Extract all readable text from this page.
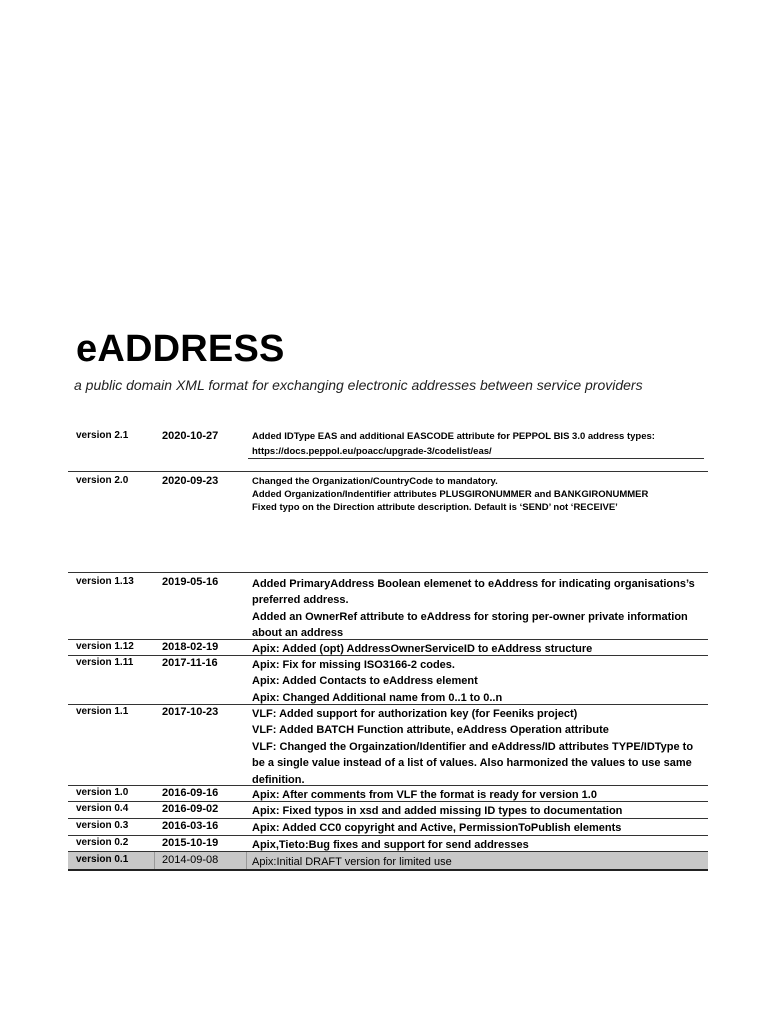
eADDRESS
a public domain XML format for exchanging electronic addresses between service providers
version 2.1	2020-10-27	Added IDType EAS and additional EASCODE attribute for PEPPOL BIS 3.0 address types:
https://docs.peppol.eu/poacc/upgrade-3/codelist/eas/
version 2.0	2020-09-23	Changed the Organization/CountryCode to mandatory.
Added Organization/Indentifier attributes PLUSGIRONUMMER and BANKGIRONUMMER
Fixed typo on the Direction attribute description. Default is ‘SEND’ not ‘RECEIVE’
version 1.13	2019-05-16	Added PrimaryAddress Boolean elemenet to eAddress for indicating organisations’s
preferred address.
Added an OwnerRef attribute to eAddress for storing per-owner private information
about an address
version 1.12	2018-02-19	Apix: Added (opt) AddressOwnerServiceID to eAddress structure
version 1.11	2017-11-16	Apix: Fix for missing ISO3166-2 codes.
Apix: Added Contacts to eAddress element
Apix: Changed Additional name from 0..1 to 0..n
version 1.1	2017-10-23	VLF: Added support for authorization key (for Feeniks project)
VLF: Added BATCH Function attribute, eAddress Operation attribute
VLF: Changed the Orgainzation/Identifier and eAddress/ID attributes TYPE/IDType to
be a single value instead of a list of values. Also harmonized the values to use same
definition.
version 1.0	2016-09-16	Apix: After comments from VLF the format is ready for version 1.0
version 0.4	2016-09-02	Apix: Fixed typos in xsd and added missing ID types to documentation
version 0.3	2016-03-16	Apix: Added CC0 copyright and Active, PermissionToPublish elements
version 0.2	2015-10-19	Apix,Tieto:Bug fixes and support for send addresses
version 0.1	2014-09-08	Apix:Initial DRAFT version for limited use
